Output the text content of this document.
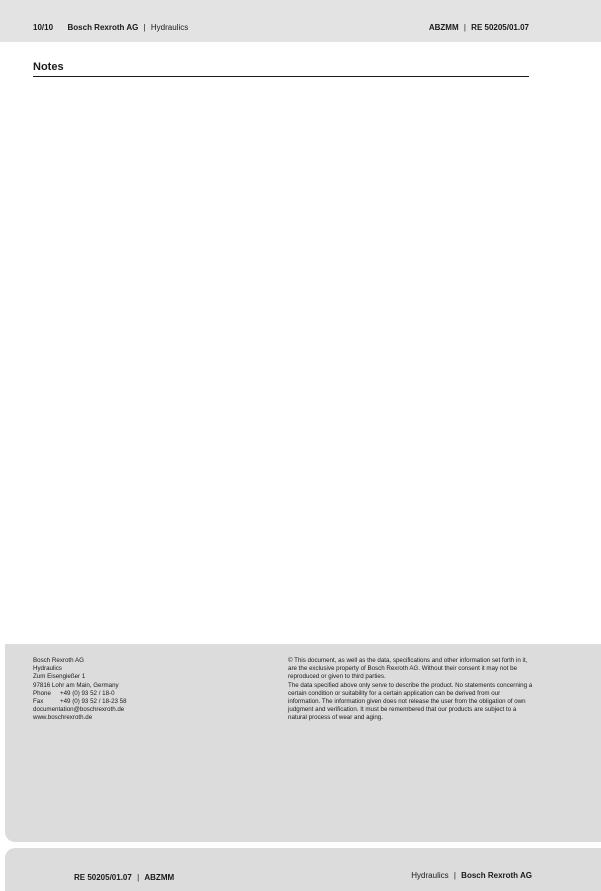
10/10 Bosch Rexroth AG | Hydraulics	ABZMM | RE 50205/01.07
Notes
Bosch Rexroth AG
Hydraulics
Zum Eisengießer 1
97816 Lohr am Main, Germany
Phone +49 (0) 93 52 / 18-0
Fax	+49 (0) 93 52 / 18-23 58
documentation@boschrexroth.de
www.boschrexroth.de

© This document, as well as the data, specifications and other information set forth in it, are the exclusive property of Bosch Rexroth AG. Without their consent it may not be reproduced or given to third parties.

The data specified above only serve to describe the product. No statements concerning a certain condition or suitability for a certain application can be derived from our information. The information given does not release the user from the obligation of own judgment and verification. It must be remembered that our products are subject to a natural process of wear and aging.

RE 50205/01.07 | ABZMM	Hydraulics | Bosch Rexroth AG
